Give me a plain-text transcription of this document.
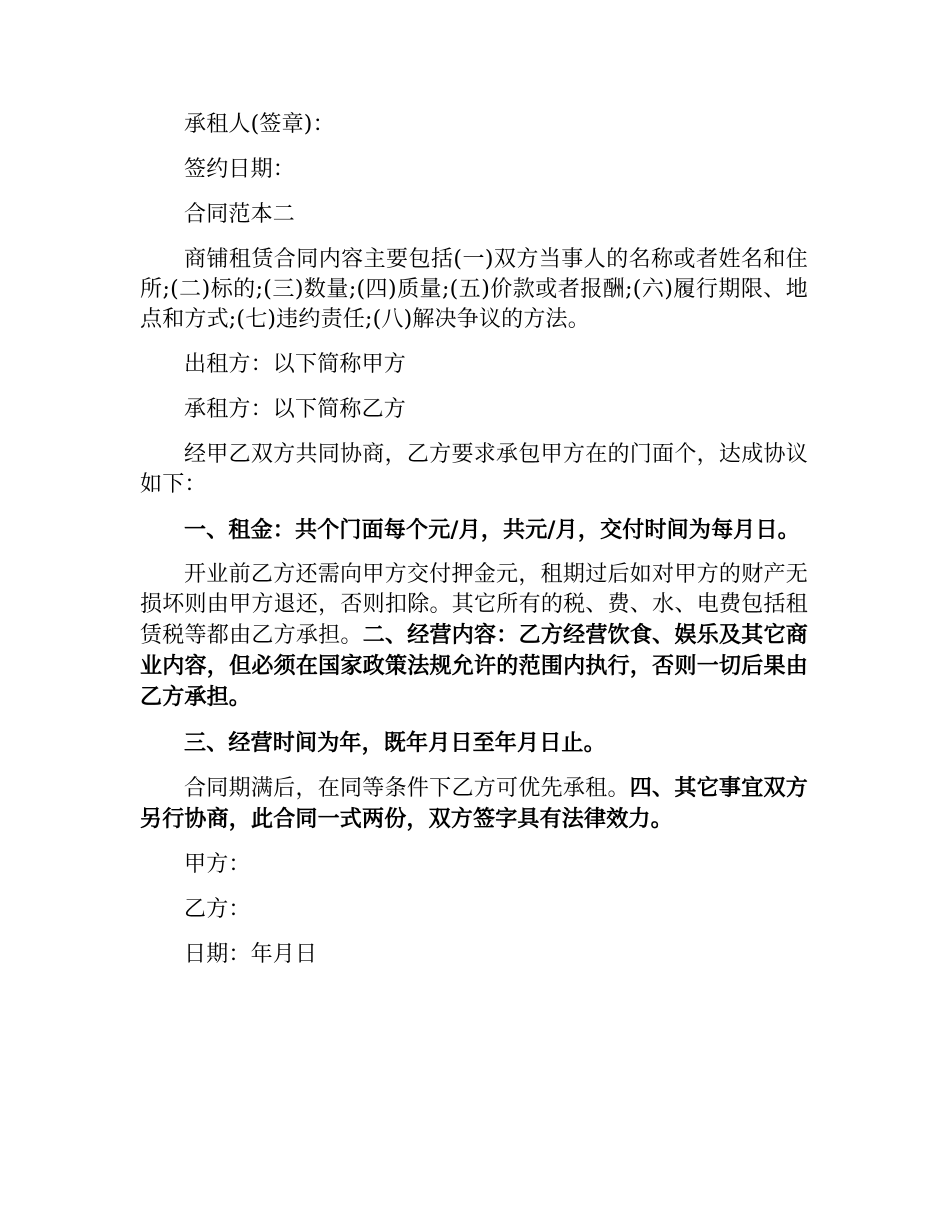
承租人(签章)：

签约日期：

合同范本二

商铺租赁合同内容主要包括(一)双方当事人的名称或者姓名和住所;(二)标的;(三)数量;(四)质量;(五)价款或者报酬;(六)履行期限、地点和方式;(七)违约责任;(八)解决争议的方法。

出租方：以下简称甲方

承租方：以下简称乙方

经甲乙双方共同协商，乙方要求承包甲方在的门面个，达成协议如下：

一、租金：共个门面每个元/月，共元/月，交付时间为每月日。

开业前乙方还需向甲方交付押金元，租期过后如对甲方的财产无损坏则由甲方退还，否则扣除。其它所有的税、费、水、电费包括租赁税等都由乙方承担。二、经营内容：乙方经营饮食、娱乐及其它商业内容，但必须在国家政策法规允许的范围内执行，否则一切后果由乙方承担。

三、经营时间为年，既年月日至年月日止。

合同期满后，在同等条件下乙方可优先承租。四、其它事宜双方另行协商，此合同一式两份，双方签字具有法律效力。

甲方：

乙方：

日期：年月日
